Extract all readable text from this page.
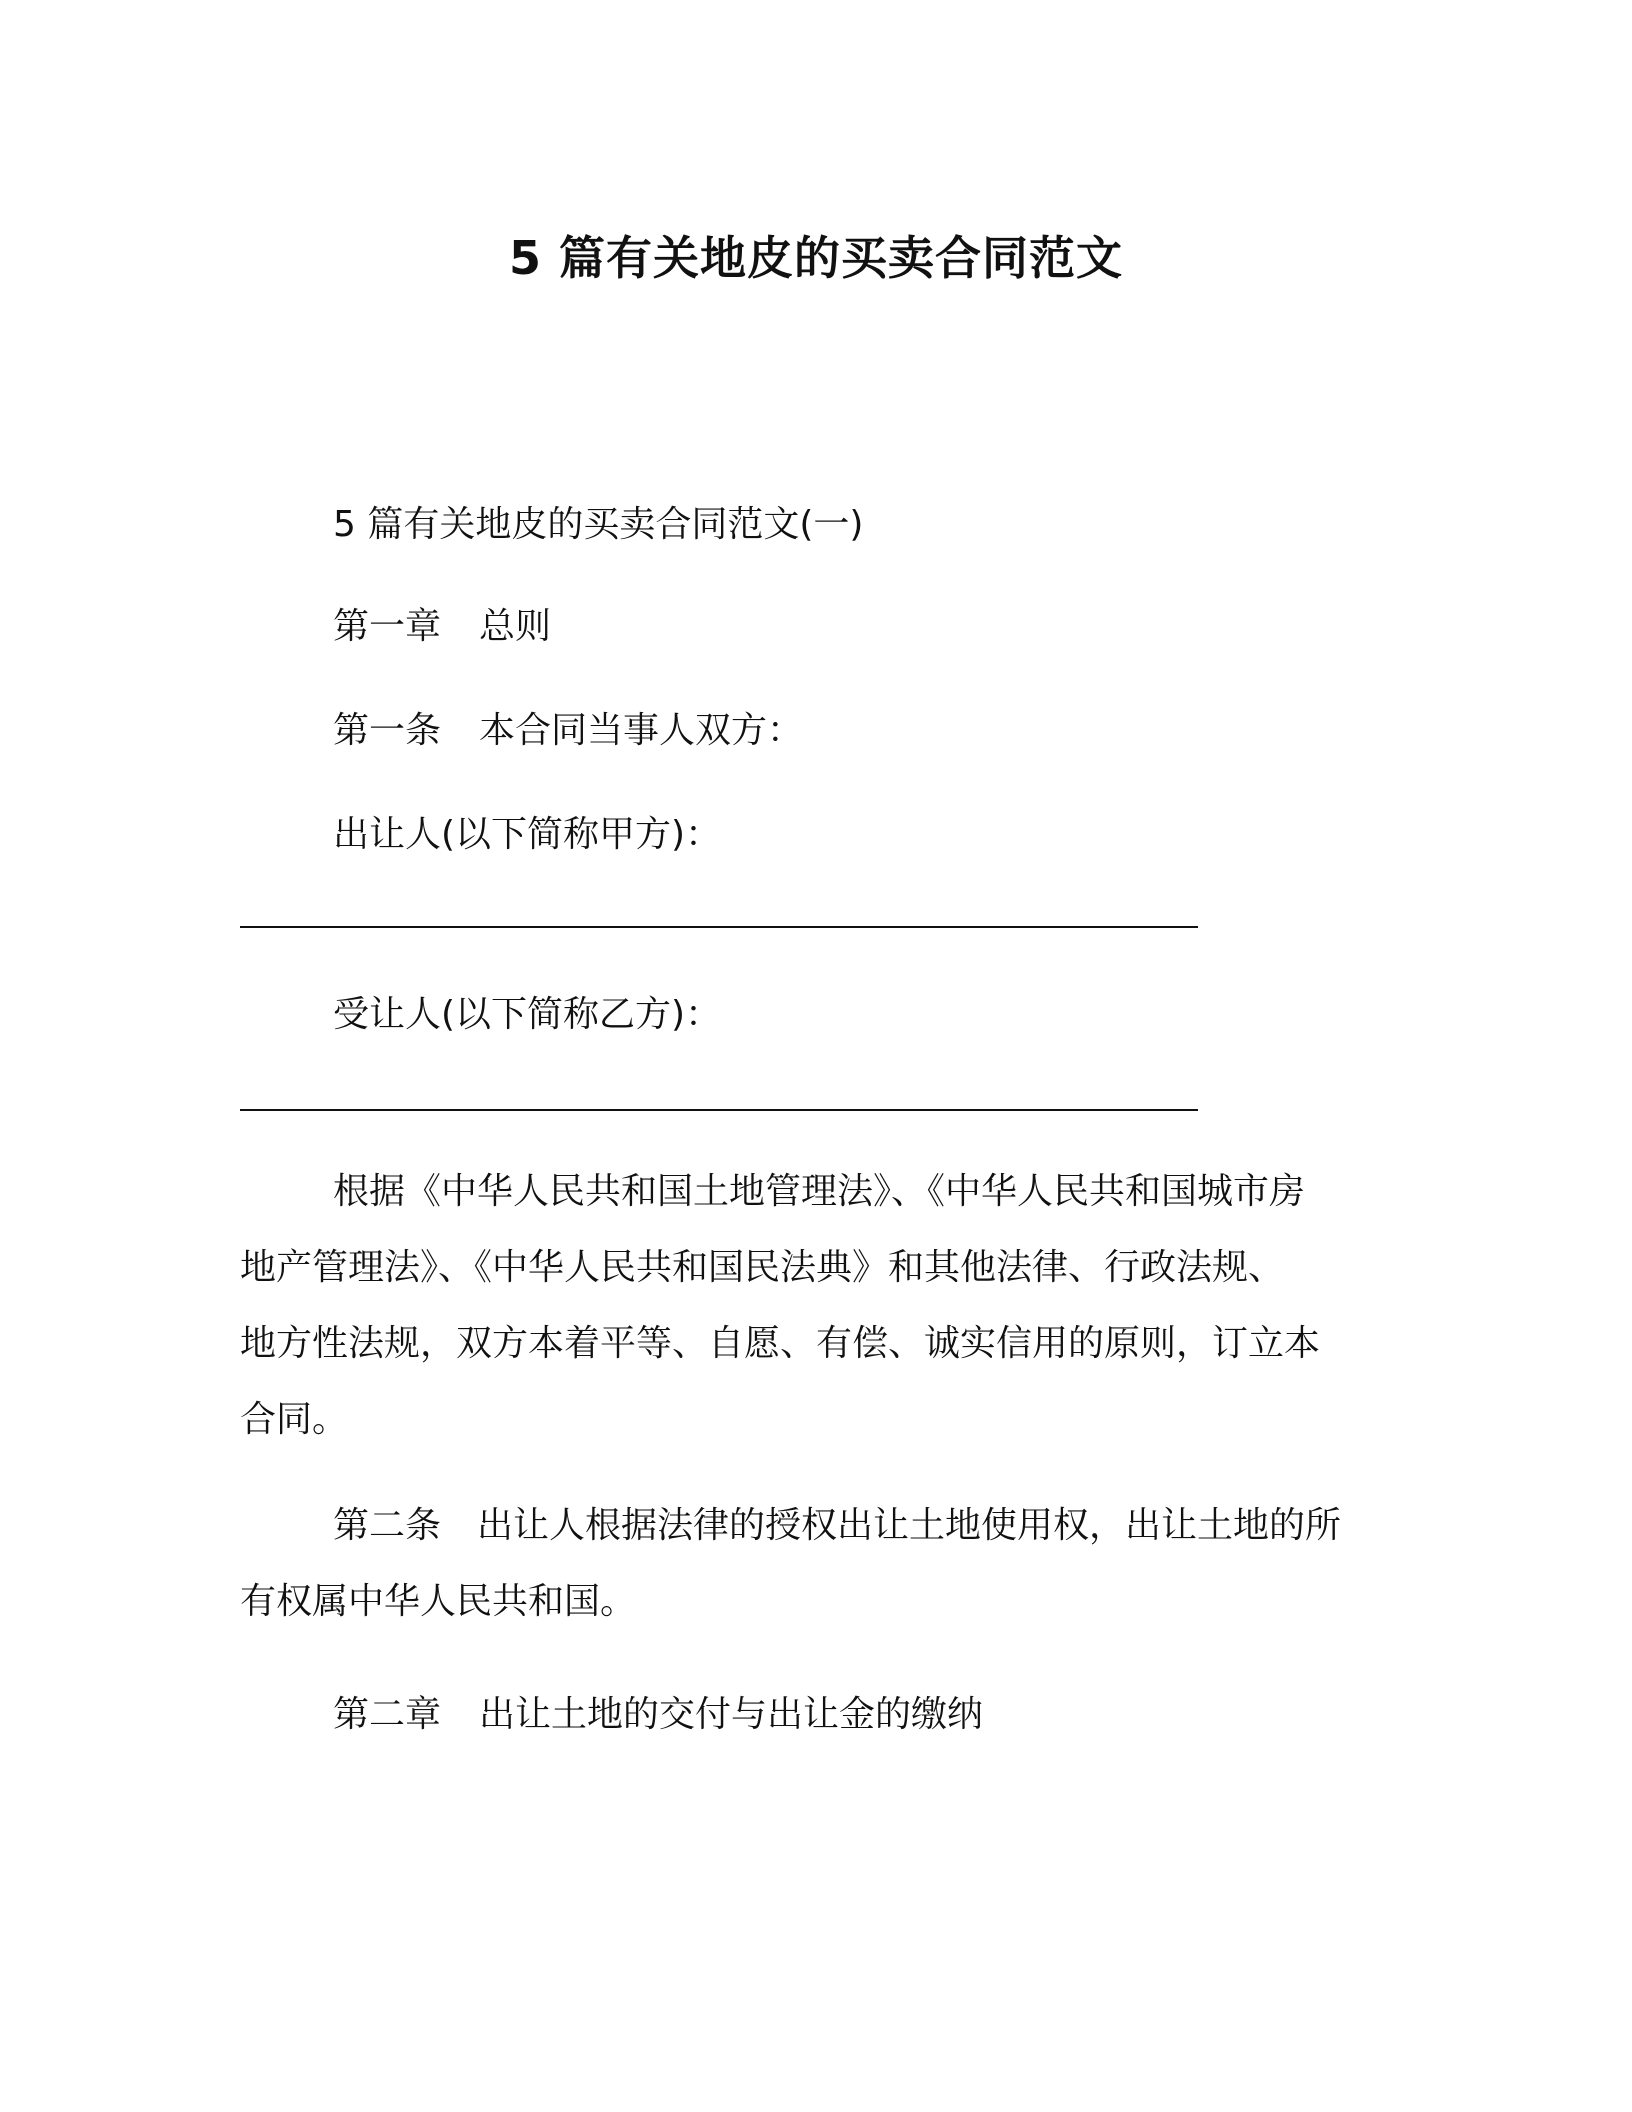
5 篇有关地皮的买卖合同范文
5 篇有关地皮的买卖合同范文(一)
第一章 总则
第一条 本合同当事人双方：
出让人(以下简称甲方)：
受让人(以下简称乙方)：

根据《中华人民共和国土地管理法》、《中华人民共和国城市房

地产管理法》、《中华人民共和国民法典》和其他法律、行政法规、

地方性法规，双方本着平等、自愿、有偿、诚实信用的原则，订立本

合同。

第二条　出让人根据法律的授权出让土地使用权，出让土地的所

有权属中华人民共和国。

第二章 出让土地的交付与出让金的缴纳
